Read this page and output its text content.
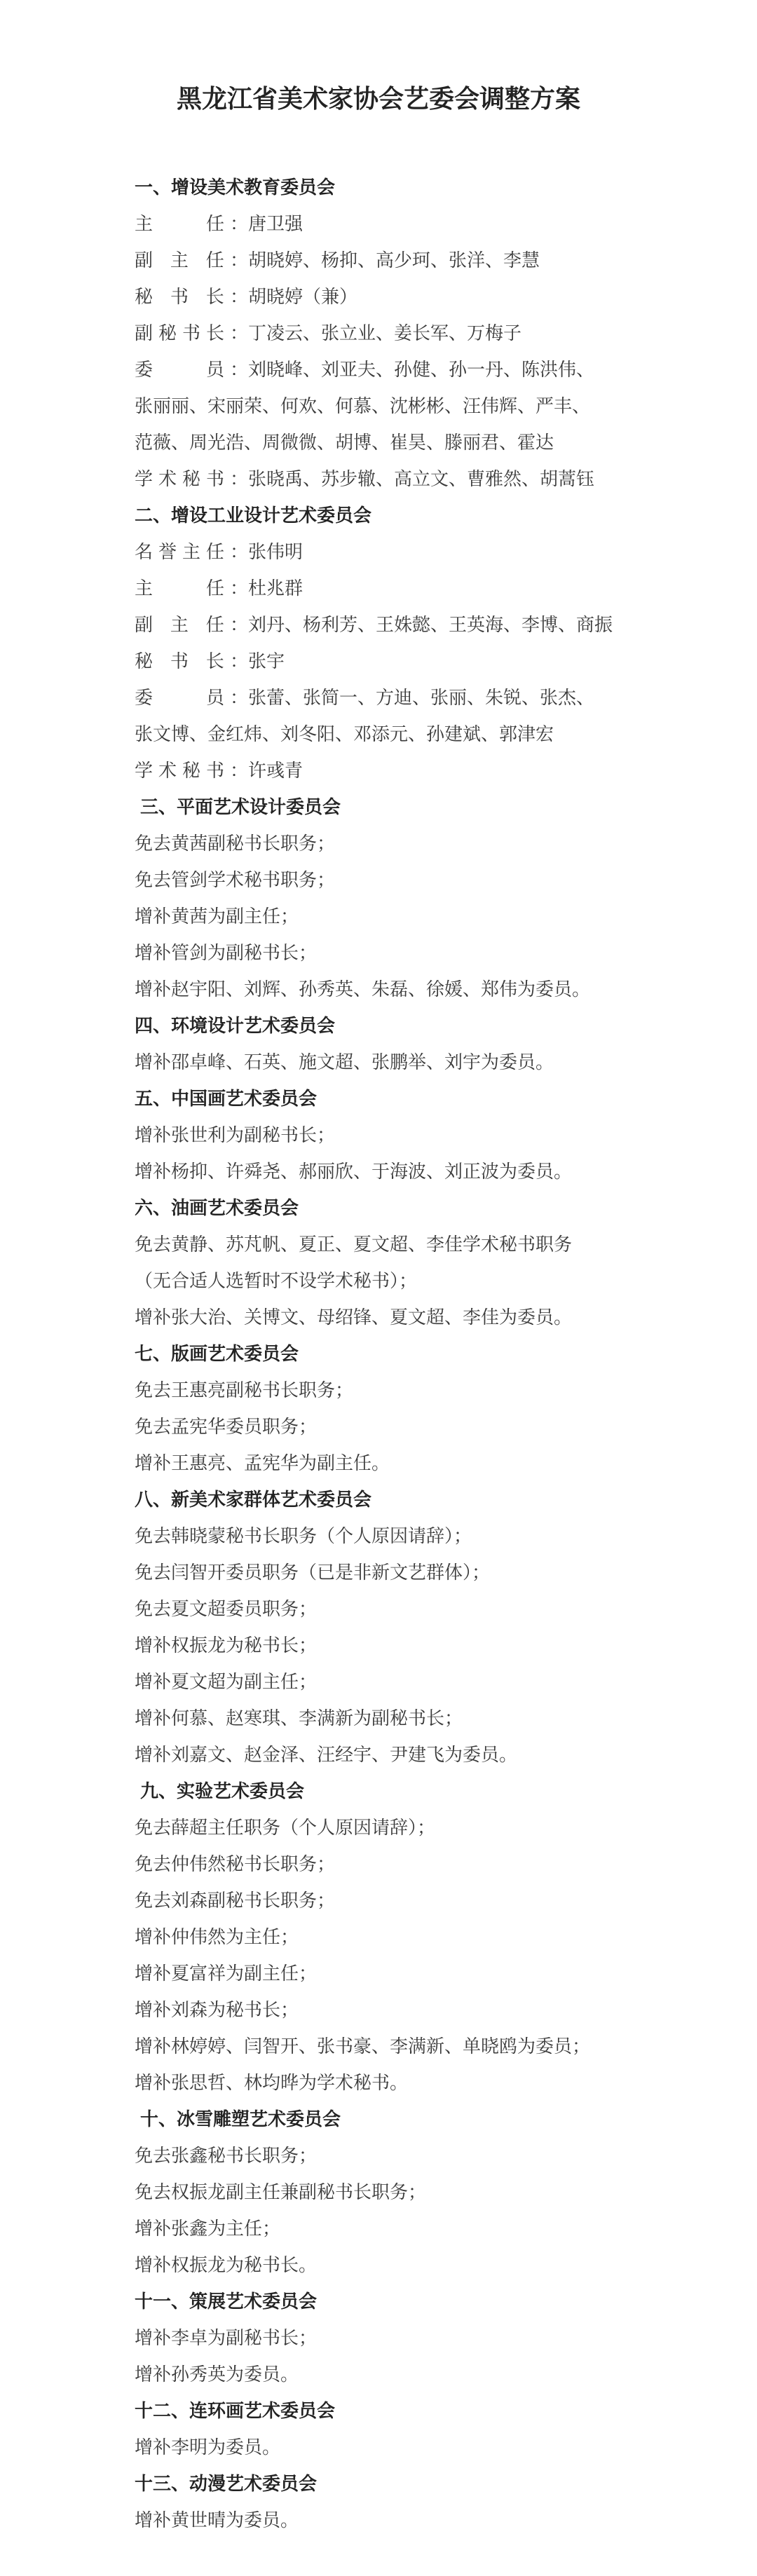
黑龙江省美术家协会艺委会调整方案
一、增设美术教育委员会
主　　任：唐卫强
副 主 任：胡晓婷、杨抑、高少珂、张洋、李慧
秘 书 长：胡晓婷（兼）
副秘书长：丁凌云、张立业、姜长军、万梅子
委　　员：刘晓峰、刘亚夫、孙健、孙一丹、陈洪伟、
张丽丽、宋丽荣、何欢、何慕、沈彬彬、汪伟辉、严丰、
范薇、周光浩、周微微、胡博、崔昊、滕丽君、霍达
学术秘书：张晓禹、苏步辙、高立文、曹雅然、胡蒿钰
二、增设工业设计艺术委员会
名誉主任：张伟明
主　　任：杜兆群
副 主 任：刘丹、杨利芳、王姝懿、王英海、李博、商振
秘 书 长：张宇
委　　员：张蕾、张简一、方迪、张丽、朱锐、张杰、
张文博、金红炜、刘冬阳、邓添元、孙建斌、郭津宏
学术秘书：许彧青
三、平面艺术设计委员会
免去黄茜副秘书长职务；
免去管剑学术秘书职务；
增补黄茜为副主任；
增补管剑为副秘书长；
增补赵宇阳、刘辉、孙秀英、朱磊、徐媛、郑伟为委员。
四、环境设计艺术委员会
增补邵卓峰、石英、施文超、张鹏举、刘宇为委员。
五、中国画艺术委员会
增补张世利为副秘书长；
增补杨抑、许舜尧、郝丽欣、于海波、刘正波为委员。
六、油画艺术委员会
免去黄静、苏芃帆、夏正、夏文超、李佳学术秘书职务
（无合适人选暂时不设学术秘书）；
增补张大治、关博文、母绍锋、夏文超、李佳为委员。
七、版画艺术委员会
免去王惠亮副秘书长职务；
免去孟宪华委员职务；
增补王惠亮、孟宪华为副主任。
八、新美术家群体艺术委员会
免去韩晓蒙秘书长职务（个人原因请辞）；
免去闫智开委员职务（已是非新文艺群体）；
免去夏文超委员职务；
增补权振龙为秘书长；
增补夏文超为副主任；
增补何慕、赵寒琪、李满新为副秘书长；
增补刘嘉文、赵金泽、汪经宇、尹建飞为委员。
九、实验艺术委员会
免去薛超主任职务（个人原因请辞）；
免去仲伟然秘书长职务；
免去刘森副秘书长职务；
增补仲伟然为主任；
增补夏富祥为副主任；
增补刘森为秘书长；
增补林婷婷、闫智开、张书豪、李满新、单晓鸥为委员；
增补张思哲、林均晔为学术秘书。
十、冰雪雕塑艺术委员会
免去张鑫秘书长职务；
免去权振龙副主任兼副秘书长职务；
增补张鑫为主任；
增补权振龙为秘书长。
十一、策展艺术委员会
增补李卓为副秘书长；
增补孙秀英为委员。
十二、连环画艺术委员会
增补李明为委员。
十三、动漫艺术委员会
增补黄世晴为委员。
